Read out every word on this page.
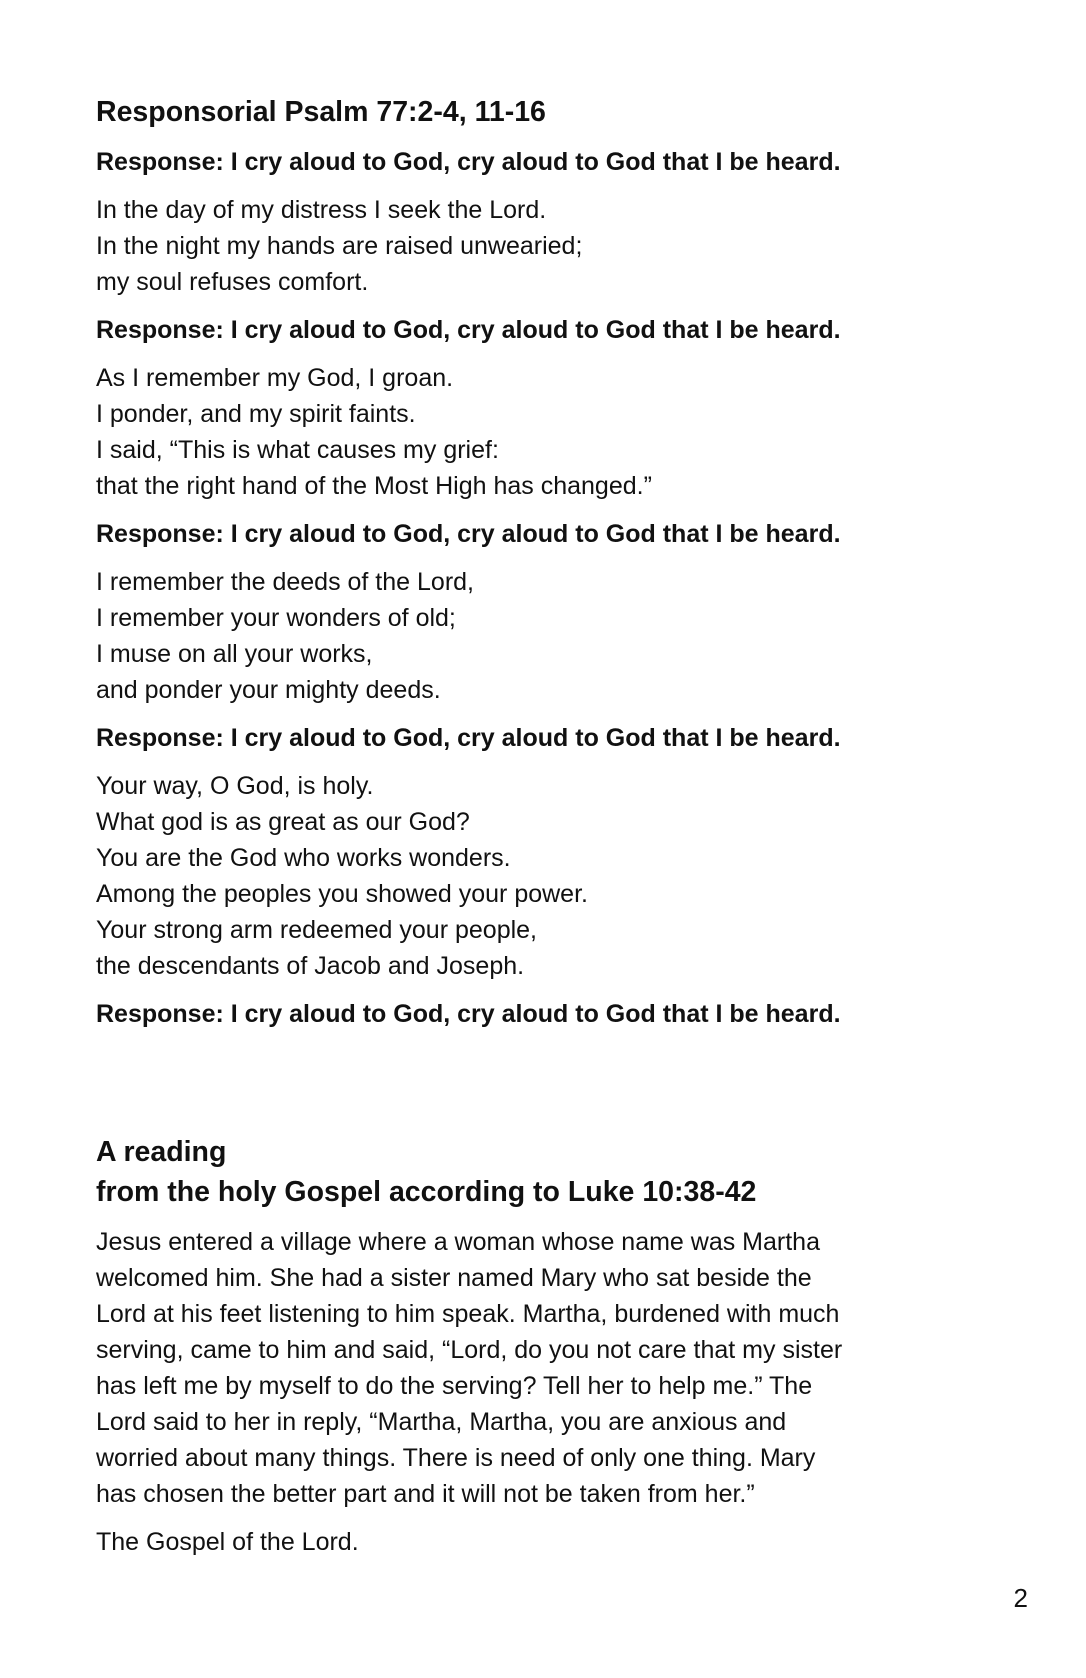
Responsorial Psalm 77:2-4, 11-16

Response: I cry aloud to God, cry aloud to God that I be heard.

In the day of my distress I seek the Lord.
In the night my hands are raised unwearied;
my soul refuses comfort.

Response: I cry aloud to God, cry aloud to God that I be heard.

As I remember my God, I groan.
I ponder, and my spirit faints.
I said, “This is what causes my grief:
that the right hand of the Most High has changed.”

Response: I cry aloud to God, cry aloud to God that I be heard.

I remember the deeds of the Lord,
I remember your wonders of old;
I muse on all your works,
and ponder your mighty deeds.

Response: I cry aloud to God, cry aloud to God that I be heard.

Your way, O God, is holy.
What god is as great as our God?
You are the God who works wonders.
Among the peoples you showed your power.
Your strong arm redeemed your people,
the descendants of Jacob and Joseph.

Response: I cry aloud to God, cry aloud to God that I be heard.

A reading
from the holy Gospel according to Luke 10:38-42

Jesus entered a village where a woman whose name was Martha
welcomed him. She had a sister named Mary who sat beside the
Lord at his feet listening to him speak. Martha, burdened with much
serving, came to him and said, “Lord, do you not care that my sister
has left me by myself to do the serving? Tell her to help me.” The
Lord said to her in reply, “Martha, Martha, you are anxious and
worried about many things. There is need of only one thing. Mary
has chosen the better part and it will not be taken from her.”

The Gospel of the Lord.

2
